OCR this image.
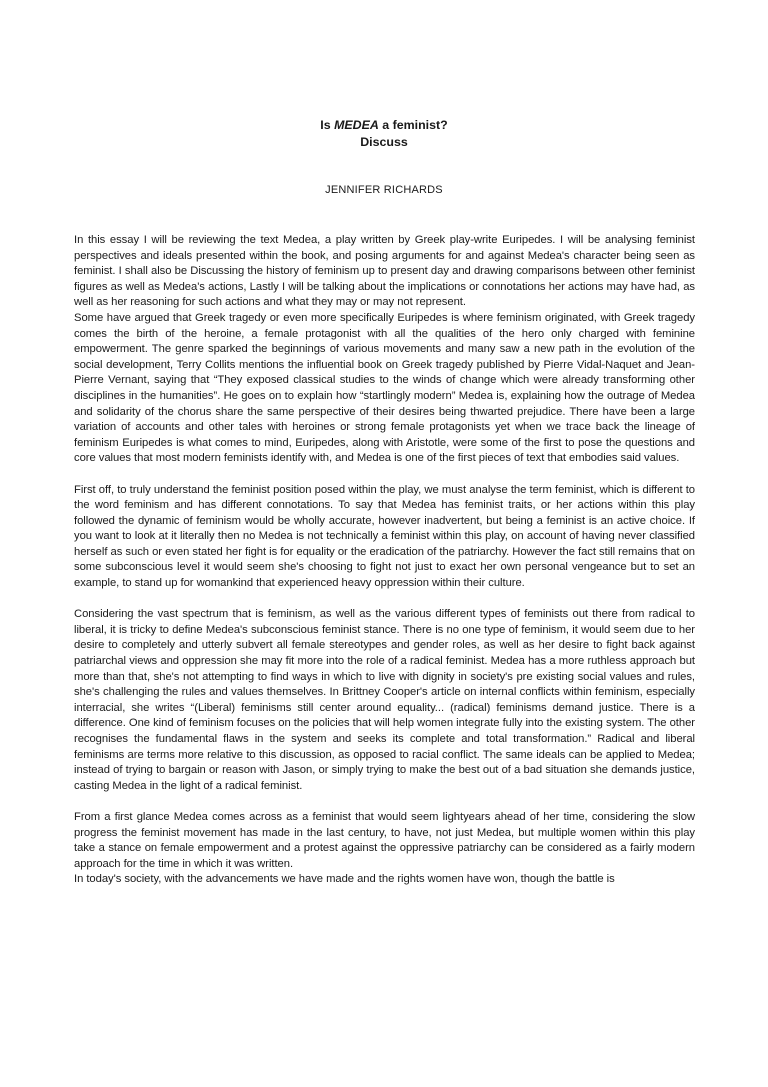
Is MEDEA a feminist?
Discuss
JENNIFER RICHARDS

In this essay I will be reviewing the text Medea, a play written by Greek play-write Euripedes. I will be analysing feminist perspectives and ideals presented within the book, and posing arguments for and against Medea's character being seen as feminist. I shall also be Discussing the history of feminism up to present day and drawing comparisons between other feminist figures as well as Medea's actions, Lastly I will be talking about the implications or connotations her actions may have had, as well as her reasoning for such actions and what they may or may not represent.

Some have argued that Greek tragedy or even more specifically Euripedes is where feminism originated, with Greek tragedy comes the birth of the heroine, a female protagonist with all the qualities of the hero only charged with feminine empowerment. The genre sparked the beginnings of various movements and many saw a new path in the evolution of the social development, Terry Collits mentions the influential book on Greek tragedy published by Pierre Vidal-Naquet and Jean-Pierre Vernant, saying that “They exposed classical studies to the winds of change which were already transforming other disciplines in the humanities”. He goes on to explain how “startlingly modern” Medea is, explaining how the outrage of Medea and solidarity of the chorus share the same perspective of their desires being thwarted prejudice. There have been a large variation of accounts and other tales with heroines or strong female protagonists yet when we trace back the lineage of feminism Euripedes is what comes to mind, Euripedes, along with Aristotle, were some of the first to pose the questions and core values that most modern feminists identify with, and Medea is one of the first pieces of text that embodies said values.

First off, to truly understand the feminist position posed within the play, we must analyse the term feminist, which is different to the word feminism and has different connotations. To say that Medea has feminist traits, or her actions within this play followed the dynamic of feminism would be wholly accurate, however inadvertent, but being a feminist is an active choice. If you want to look at it literally then no Medea is not technically a feminist within this play, on account of having never classified herself as such or even stated her fight is for equality or the eradication of the patriarchy. However the fact still remains that on some subconscious level it would seem she's choosing to fight not just to exact her own personal vengeance but to set an example, to stand up for womankind that experienced heavy oppression within their culture.

Considering the vast spectrum that is feminism, as well as the various different types of feminists out there from radical to liberal, it is tricky to define Medea's subconscious feminist stance. There is no one type of feminism, it would seem due to her desire to completely and utterly subvert all female stereotypes and gender roles, as well as her desire to fight back against patriarchal views and oppression she may fit more into the role of a radical feminist. Medea has a more ruthless approach but more than that, she's not attempting to find ways in which to live with dignity in society's pre existing social values and rules, she's challenging the rules and values themselves. In Brittney Cooper's article on internal conflicts within feminism, especially interracial, she writes “(Liberal) feminisms still center around equality... (radical) feminisms demand justice. There is a difference. One kind of feminism focuses on the policies that will help women integrate fully into the existing system. The other recognises the fundamental flaws in the system and seeks its complete and total transformation.” Radical and liberal feminisms are terms more relative to this discussion, as opposed to racial conflict. The same ideals can be applied to Medea; instead of trying to bargain or reason with Jason, or simply trying to make the best out of a bad situation she demands justice, casting Medea in the light of a radical feminist.

From a first glance Medea comes across as a feminist that would seem lightyears ahead of her time, considering the slow progress the feminist movement has made in the last century, to have, not just Medea, but multiple women within this play take a stance on female empowerment and a protest against the oppressive patriarchy can be considered as a fairly modern approach for the time in which it was written.

In today's society, with the advancements we have made and the rights women have won, though the battle is
